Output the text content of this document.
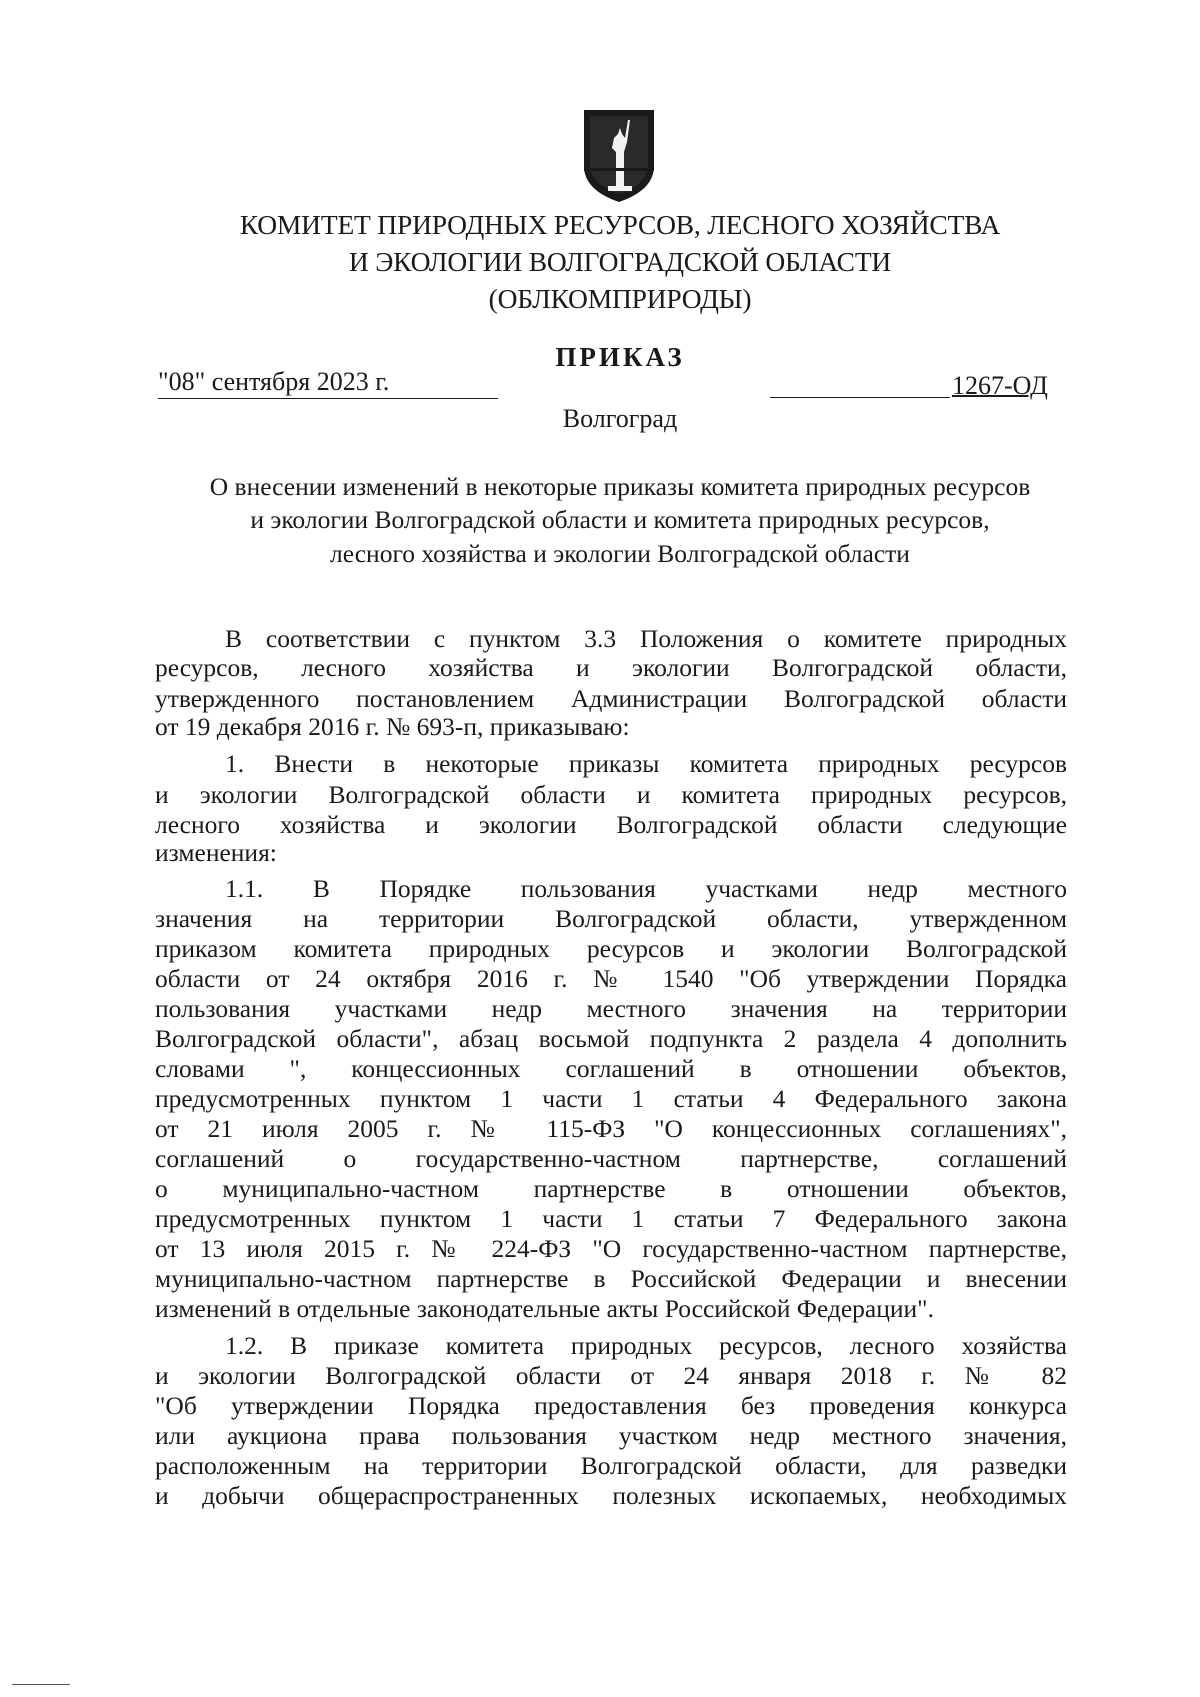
КОМИТЕТ ПРИРОДНЫХ РЕСУРСОВ, ЛЕСНОГО ХОЗЯЙСТВА
И ЭКОЛОГИИ ВОЛГОГРАДСКОЙ ОБЛАСТИ
(ОБЛКОМПРИРОДЫ)
ПРИКАЗ
"08" сентября 2023 г.	1267-ОД
Волгоград
О внесении изменений в некоторые приказы комитета природных ресурсов
и экологии Волгоградской области и комитета природных ресурсов,
лесного хозяйства и экологии Волгоградской области
В соответствии с пунктом 3.3 Положения о комитете природных
ресурсов, лесного хозяйства и экологии Волгоградской области,
утвержденного постановлением Администрации Волгоградской области
от 19 декабря 2016 г. № 693-п, приказываю:
1. Внести в некоторые приказы комитета природных ресурсов
и экологии Волгоградской области и комитета природных ресурсов,
лесного хозяйства и экологии Волгоградской области следующие
изменения:
1.1. В Порядке пользования участками недр местного
значения на территории Волгоградской области, утвержденном
приказом комитета природных ресурсов и экологии Волгоградской
области от 24 октября 2016 г. № 1540 "Об утверждении Порядка
пользования участками недр местного значения на территории
Волгоградской области", абзац восьмой подпункта 2 раздела 4 дополнить
словами ", концессионных соглашений в отношении объектов,
предусмотренных пунктом 1 части 1 статьи 4 Федерального закона
от 21 июля 2005 г. № 115-ФЗ "О концессионных соглашениях",
соглашений о государственно-частном партнерстве, соглашений
о муниципально-частном партнерстве в отношении объектов,
предусмотренных пунктом 1 части 1 статьи 7 Федерального закона
от 13 июля 2015 г. № 224-ФЗ "О государственно-частном партнерстве,
муниципально-частном партнерстве в Российской Федерации и внесении
изменений в отдельные законодательные акты Российской Федерации".
1.2. В приказе комитета природных ресурсов, лесного хозяйства
и экологии Волгоградской области от 24 января 2018 г. № 82
"Об утверждении Порядка предоставления без проведения конкурса
или аукциона права пользования участком недр местного значения,
расположенным на территории Волгоградской области, для разведки
и добычи общераспространенных полезных ископаемых, необходимых
